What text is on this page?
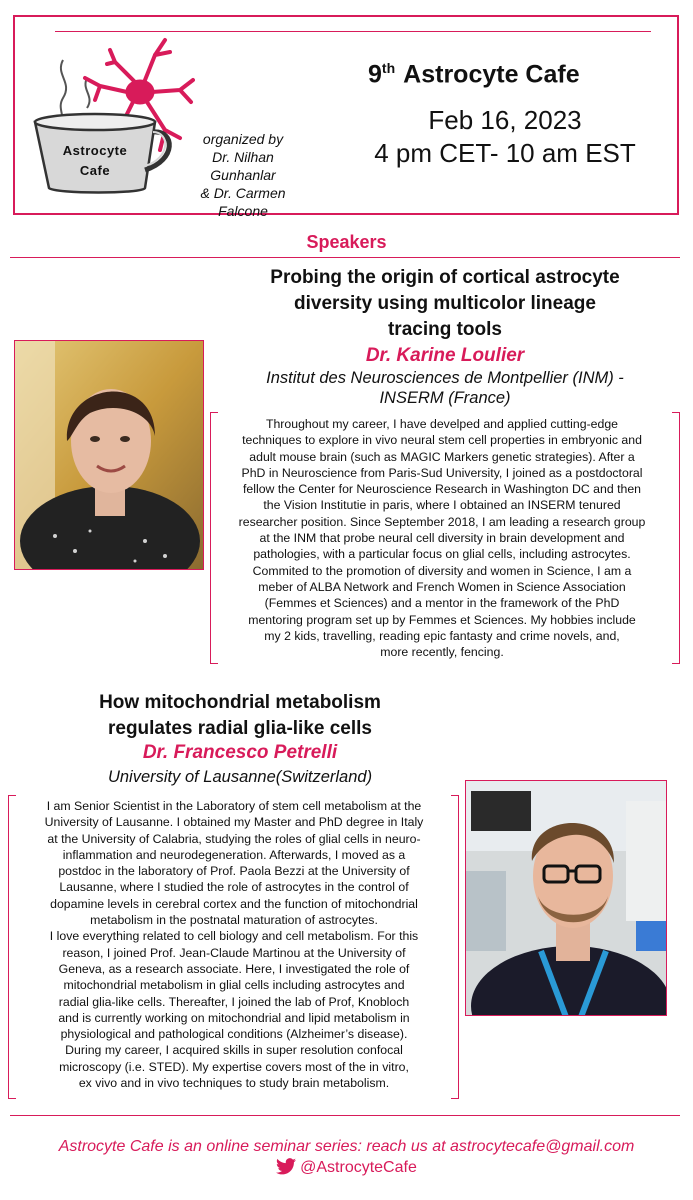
Astrocyte
Cafe
organized by
Dr. Nilhan Gunhanlar
& Dr. Carmen Falcone
9th Astrocyte Cafe
Feb 16, 2023
4 pm CET- 10 am EST
Speakers
Probing the origin of cortical astrocyte
diversity using multicolor lineage
tracing tools
Dr. Karine Loulier
Institut des Neurosciences de Montpellier (INM) -
INSERM (France)
Throughout my career, I have develped and applied cutting-edge
techniques to explore in vivo neural stem cell properties in embryonic and
adult mouse brain (such as MAGIC Markers genetic strategies). After a
PhD in Neuroscience from Paris-Sud University, I joined as a postdoctoral
fellow the Center for Neuroscience Research in Washington DC and then
the Vision Institutie in paris, where I obtained an INSERM tenured
researcher position. Since September 2018, I am leading a research group
at the INM that probe neural cell diversity in brain development and
pathologies, with a particular focus on glial cells, including astrocytes.
Commited to the promotion of diversity and women in Science, I am a
meber of ALBA Network and French Women in Science Association
(Femmes et Sciences) and a mentor in the framework of the PhD
mentoring program set up by Femmes et Sciences. My hobbies include
my 2 kids, travelling, reading epic fantasty and crime novels, and,
more recently, fencing.
How mitochondrial metabolism
regulates radial glia-like cells
Dr. Francesco Petrelli
University of Lausanne(Switzerland)
I am Senior Scientist in the Laboratory of stem cell metabolism at the
University of Lausanne. I obtained my Master and PhD degree in Italy
at the University of Calabria, studying the roles of glial cells in neuro-
inflammation and neurodegeneration. Afterwards, I moved as a
postdoc in the laboratory of Prof. Paola Bezzi at the University of
Lausanne, where I studied the role of astrocytes in the control of
dopamine levels in cerebral cortex and the function of mitochondrial
metabolism in the postnatal maturation of astrocytes.
I love everything related to cell biology and cell metabolism. For this
reason, I joined Prof. Jean-Claude Martinou at the University of
Geneva, as a research associate. Here, I investigated the role of
mitochondrial metabolism in glial cells including astrocytes and
radial glia-like cells. Thereafter, I joined the lab of Prof, Knobloch
and is currently working on mitochondrial and lipid metabolism in
physiological and pathological conditions (Alzheimer’s disease).
During my career, I acquired skills in super resolution confocal
microscopy (i.e. STED). My expertise covers most of the in vitro,
ex vivo and in vivo techniques to study brain metabolism.
Astrocyte Cafe is an online seminar series: reach us at astrocytecafe@gmail.com
@AstrocyteCafe
